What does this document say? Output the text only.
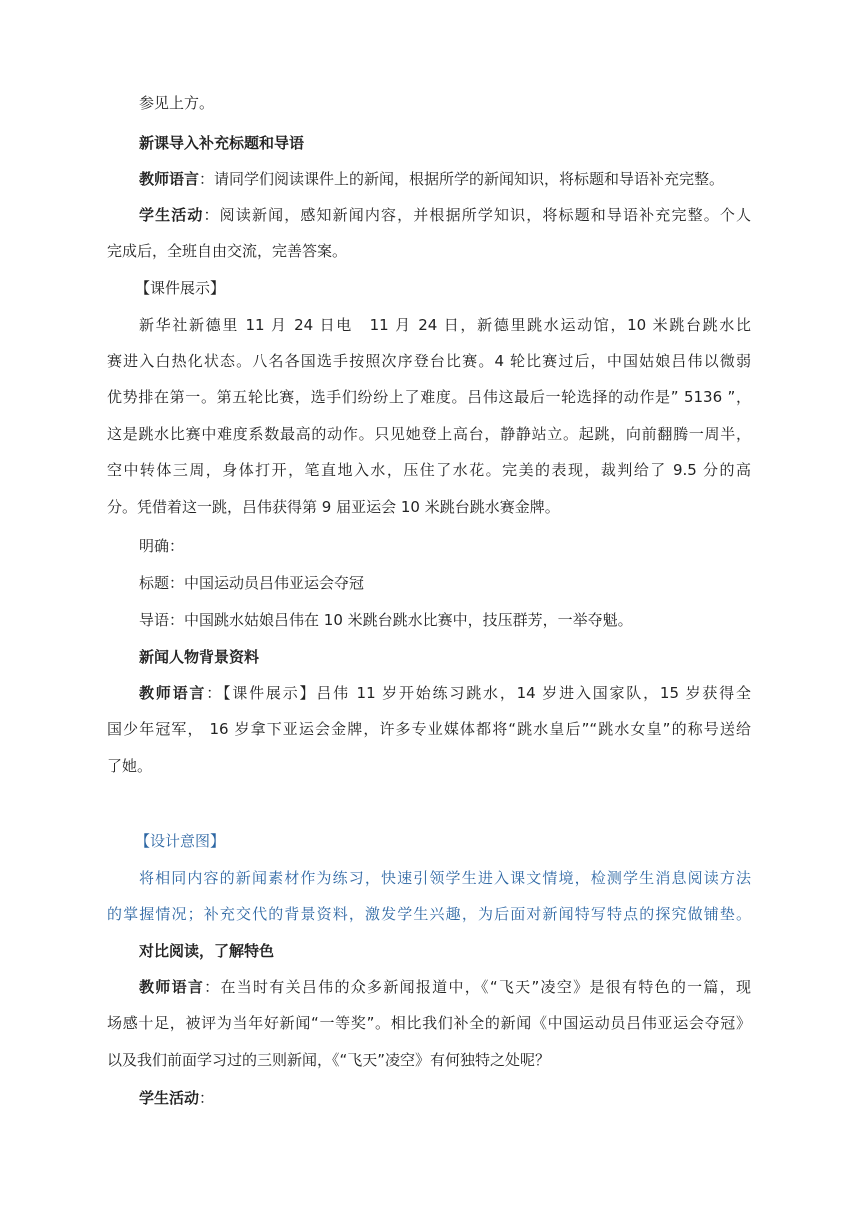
参见上方。
新课导入补充标题和导语
教师语言：请同学们阅读课件上的新闻，根据所学的新闻知识，将标题和导语补充完整。
学生活动：阅读新闻，感知新闻内容，并根据所学知识，将标题和导语补充完整。个人
完成后，全班自由交流，完善答案。
【课件展示】
新华社新德里 11 月 24 日电　11 月 24 日，新德里跳水运动馆，10 米跳台跳水比
赛进入白热化状态。八名各国选手按照次序登台比赛。4 轮比赛过后，中国姑娘吕伟以微弱
优势排在第一。第五轮比赛，选手们纷纷上了难度。吕伟这最后一轮选择的动作是” 5136 ”，
这是跳水比赛中难度系数最高的动作。只见她登上高台，静静站立。起跳，向前翻腾一周半，
空中转体三周，身体打开，笔直地入水，压住了水花。完美的表现，裁判给了 9.5 分的高
分。凭借着这一跳，吕伟获得第 9 届亚运会 10 米跳台跳水赛金牌。
明确：
标题：中国运动员吕伟亚运会夺冠
导语：中国跳水姑娘吕伟在 10 米跳台跳水比赛中，技压群芳，一举夺魁。
新闻人物背景资料
教师语言：【课件展示】吕伟 11 岁开始练习跳水，14 岁进入国家队，15 岁获得全
国少年冠军， 16 岁拿下亚运会金牌，许多专业媒体都将“跳水皇后”“跳水女皇”的称号送给
了她。
【设计意图】
将相同内容的新闻素材作为练习，快速引领学生进入课文情境，检测学生消息阅读方法
的掌握情况；补充交代的背景资料，激发学生兴趣，为后面对新闻特写特点的探究做铺垫。
对比阅读，了解特色
教师语言：在当时有关吕伟的众多新闻报道中，《“飞天”凌空》是很有特色的一篇，现
场感十足，被评为当年好新闻“一等奖”。相比我们补全的新闻《中国运动员吕伟亚运会夺冠》
以及我们前面学习过的三则新闻，《“飞天”凌空》有何独特之处呢？
学生活动：
